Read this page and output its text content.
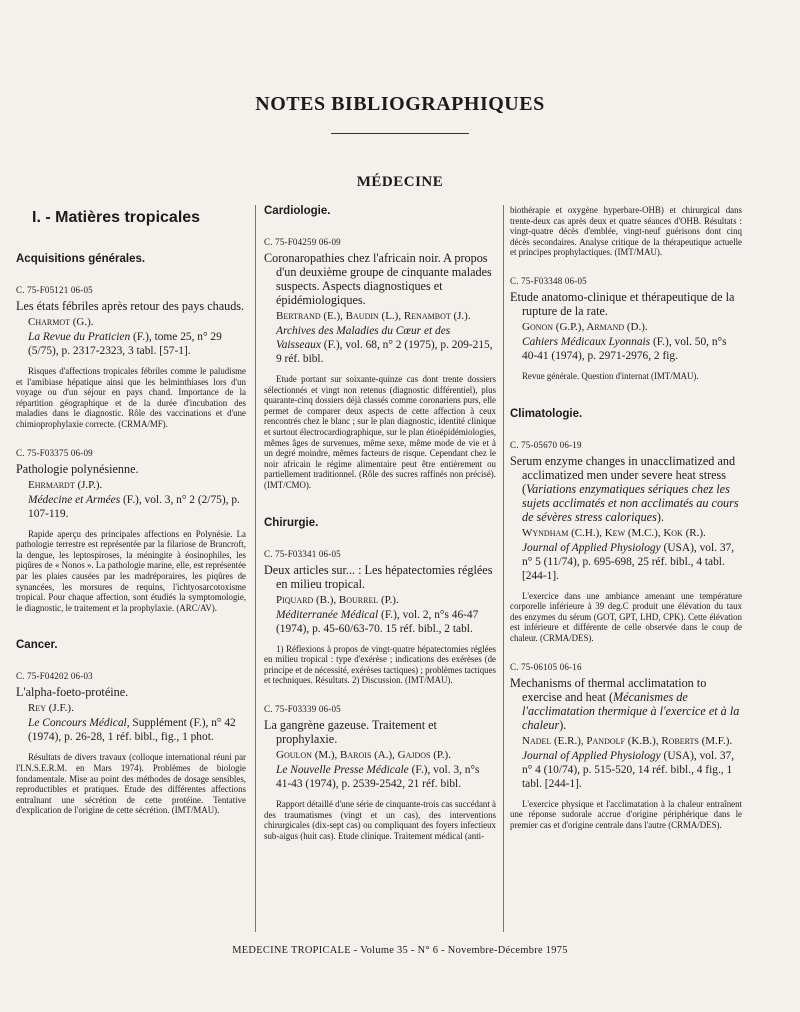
NOTES BIBLIOGRAPHIQUES
MÉDECINE
I. - Matières tropicales
Acquisitions générales.
C. 75-F05121 06-05
Les états fébriles après retour des pays chauds.
Charmot (G.).
La Revue du Praticien (F.), tome 25, n° 29 (5/75), p. 2317-2323, 3 tabl. [57-1].
Risques d'affections tropicales fébriles comme le paludisme et l'amibiase hépatique ainsi que les helminthiases lors d'un voyage ou d'un séjour en pays chand. Importance de la répartition géographique et de la durée d'incubation des maladies dans le diagnostic. Rôle des vaccinations et d'une chimioprophylaxie correcte. (CRMA/MF).
C. 75-F03375 06-09
Pathologie polynésienne.
Ehrmardt (J.P.).
Médecine et Armées (F.), vol. 3, n° 2 (2/75), p. 107-119.
Rapide aperçu des principales affections en Polynésie. La pathologie terrestre est représentée par la filariose de Brancroft, la dengue, les leptospiroses, la méningite à éosinophiles, les piqûres de « Nonos ». La pathologie marine, elle, est représentée par les plaies causées par les madréporaires, les piqûres de synancées, les morsures de requins, l'ichtyosarcotoxisme tropical. Pour chaque affection, sont étudiés la symptomologie, le diagnostic, le traitement et la prophylaxie. (ARC/AV).
Cancer.
C. 75-F04202 06-03
L'alpha-foeto-protéine.
Rey (J.F.).
Le Concours Médical, Supplément (F.), n° 42 (1974), p. 26-28, 1 réf. bibl., fig., 1 phot.
Résultats de divers travaux (colloque international réuni par l'I.N.S.E.R.M. en Mars 1974). Problèmes de biologie fondamentale. Mise au point des méthodes de dosage sensibles, reproductibles et pratiques. Etude des différentes affections entraînant une sécrétion de cette protéine. Tentative d'explication de l'origine de cette sécrétion. (IMT/MAU).
Cardiologie.
C. 75-F04259 06-09
Coronaropathies chez l'africain noir. A propos d'un deuxième groupe de cinquante malades suspects. Aspects diagnostiques et épidémiologiques.
Bertrand (E.), Baudin (L.), Renambot (J.).
Archives des Maladies du Cœur et des Vaisseaux (F.), vol. 68, n° 2 (1975), p. 209-215, 9 réf. bibl.
Etude portant sur soixante-quinze cas dont trente dossiers sélectionnés et vingt non retenus (diagnostic différentiel), plus quarante-cinq dossiers déjà classés comme coronariens purs, elle permet de comparer deux aspects de cette affection à ceux rencontrés chez le blanc ; sur le plan diagnostic, identité clinique et surtout électrocardiographique, sur le plan étioépidémiologies, mêmes âges de survenues, même sexe, même mode de vie et à un degré moindre, mêmes facteurs de risque. Cependant chez le noir africain le régime alimentaire peut être entièrement ou partiellement traditionnel. (Rôle des sucres raffinés non précisé). (IMT/CMO).
Chirurgie.
C. 75-F03341 06-05
Deux articles sur... : Les hépatectomies réglées en milieu tropical.
Piquard (B.), Bourrel (P.).
Méditerranée Médical (F.), vol. 2, n°s 46-47 (1974), p. 45-60/63-70. 15 réf. bibl., 2 tabl.
1) Réflexions à propos de vingt-quatre hépatectomies réglées en milieu tropical : type d'exérèse ; indications des exérèses (de principe et de nécessité, exérèses tactiques) ; problèmes tactiques et techniques. Résultats. 2) Discussion. (IMT/MAU).
C. 75-F03339 06-05
La gangrène gazeuse. Traitement et prophylaxie.
Goulon (M.), Barois (A.), Gajdos (P.).
Le Nouvelle Presse Médicale (F.), vol. 3, n°s 41-43 (1974), p. 2539-2542, 21 réf. bibl.
Rapport détaillé d'une série de cinquante-trois cas succédant à des traumatismes (vingt et un cas), des interventions chirurgicales (dix-sept cas) ou compliquant des foyers infectieux sub-aigus (huit cas). Etude clinique. Traitement médical (anti-
biothérapie et oxygène hyperbare-OHB) et chirurgical dans trente-deux cas après deux et quatre séances d'OHB. Résultats : vingt-quatre décès d'emblée, vingt-neuf guérisons dont cinq décès secondaires. Analyse critique de la thérapeutique actuelle et principes prophylactiques. (IMT/MAU).
C. 75-F03348 06-05
Etude anatomo-clinique et thérapeutique de la rupture de la rate.
Gonon (G.P.), Armand (D.).
Cahiers Médicaux Lyonnais (F.), vol. 50, n°s 40-41 (1974), p. 2971-2976, 2 fig.
Revue générale. Question d'internat (IMT/MAU).
Climatologie.
C. 75-05670 06-19
Serum enzyme changes in unacclimatized and acclimatized men under severe heat stress (Variations enzymatiques sériques chez les sujets acclimatés et non acclimatés au cours de sévères stress caloriques).
Wyndham (C.H.), Kew (M.C.), Kok (R.).
Journal of Applied Physiology (USA), vol. 37, n° 5 (11/74), p. 695-698, 25 réf. bibl., 4 tabl. [244-1].
L'exercice dans une ambiance amenant une température corporelle inférieure à 39 deg.C produit une élévation du taux des enzymes du sérum (GOT, GPT, LHD, CPK). Cette élévation est inférieure et différente de celle observée dans le coup de chaleur. (CRMA/DES).
C. 75-06105 06-16
Mechanisms of thermal acclimatation to exercise and heat (Mécanismes de l'acclimatation thermique à l'exercice et à la chaleur).
Nadel (E.R.), Pandolf (K.B.), Roberts (M.F.).
Journal of Applied Physiology (USA), vol. 37, n° 4 (10/74), p. 515-520, 14 réf. bibl., 4 fig., 1 tabl. [244-1].
L'exercice physique et l'acclimatation à la chaleur entraînent une réponse sudorale accrue d'origine périphérique dans le premier cas et d'origine centrale dans l'autre (CRMA/DES).
MEDECINE TROPICALE - Volume 35 - N° 6 - Novembre-Décembre 1975
